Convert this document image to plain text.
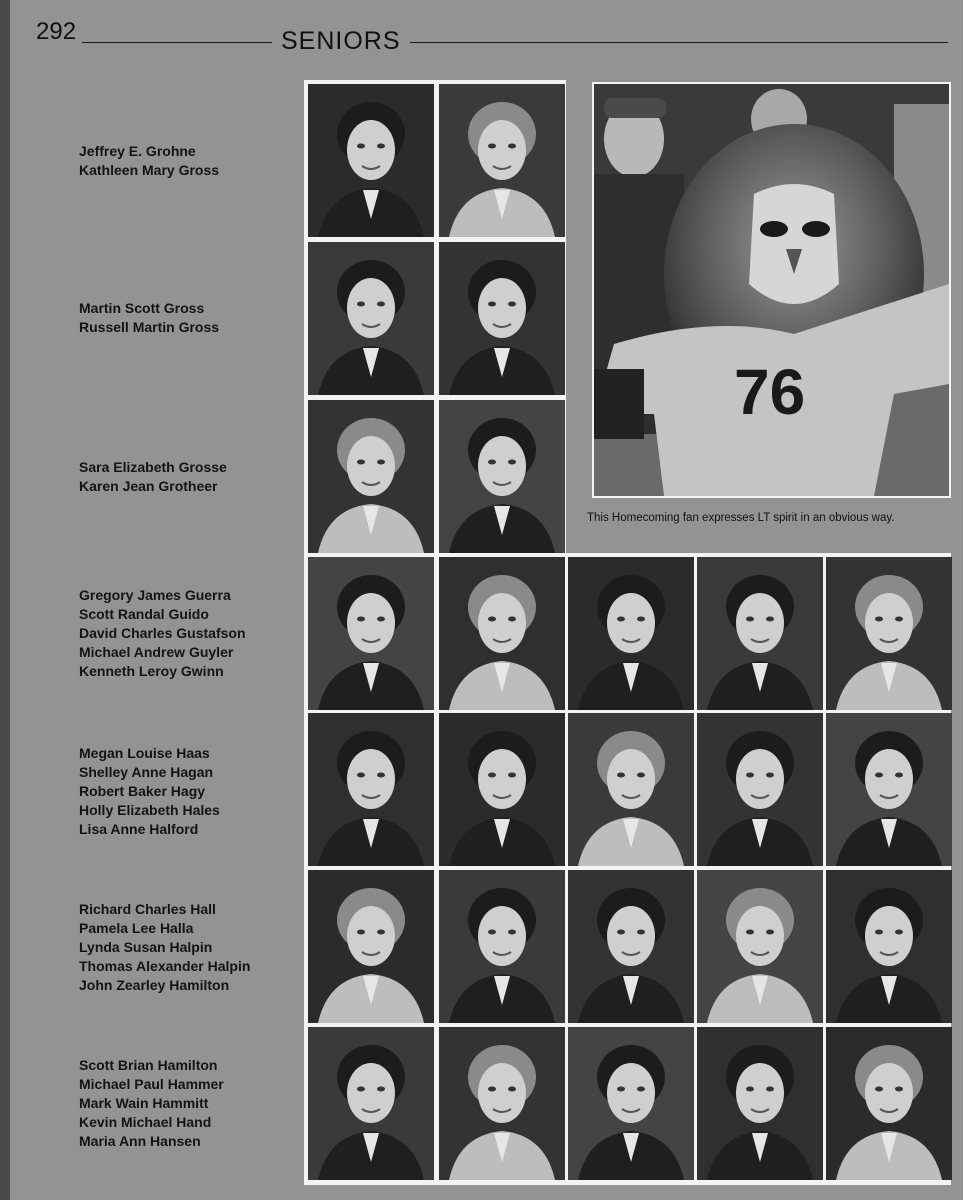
292	SENIORS
Jeffrey E. Grohne
Kathleen Mary Gross
Martin Scott Gross
Russell Martin Gross
Sara Elizabeth Grosse
Karen Jean Grotheer
Gregory James Guerra
Scott Randal Guido
David Charles Gustafson
Michael Andrew Guyler
Kenneth Leroy Gwinn
Megan Louise Haas
Shelley Anne Hagan
Robert Baker Hagy
Holly Elizabeth Hales
Lisa Anne Halford
Richard Charles Hall
Pamela Lee Halla
Lynda Susan Halpin
Thomas Alexander Halpin
John Zearley Hamilton
Scott Brian Hamilton
Michael Paul Hammer
Mark Wain Hammitt
Kevin Michael Hand
Maria Ann Hansen
76
This Homecoming fan expresses LT spirit in an obvious way.
